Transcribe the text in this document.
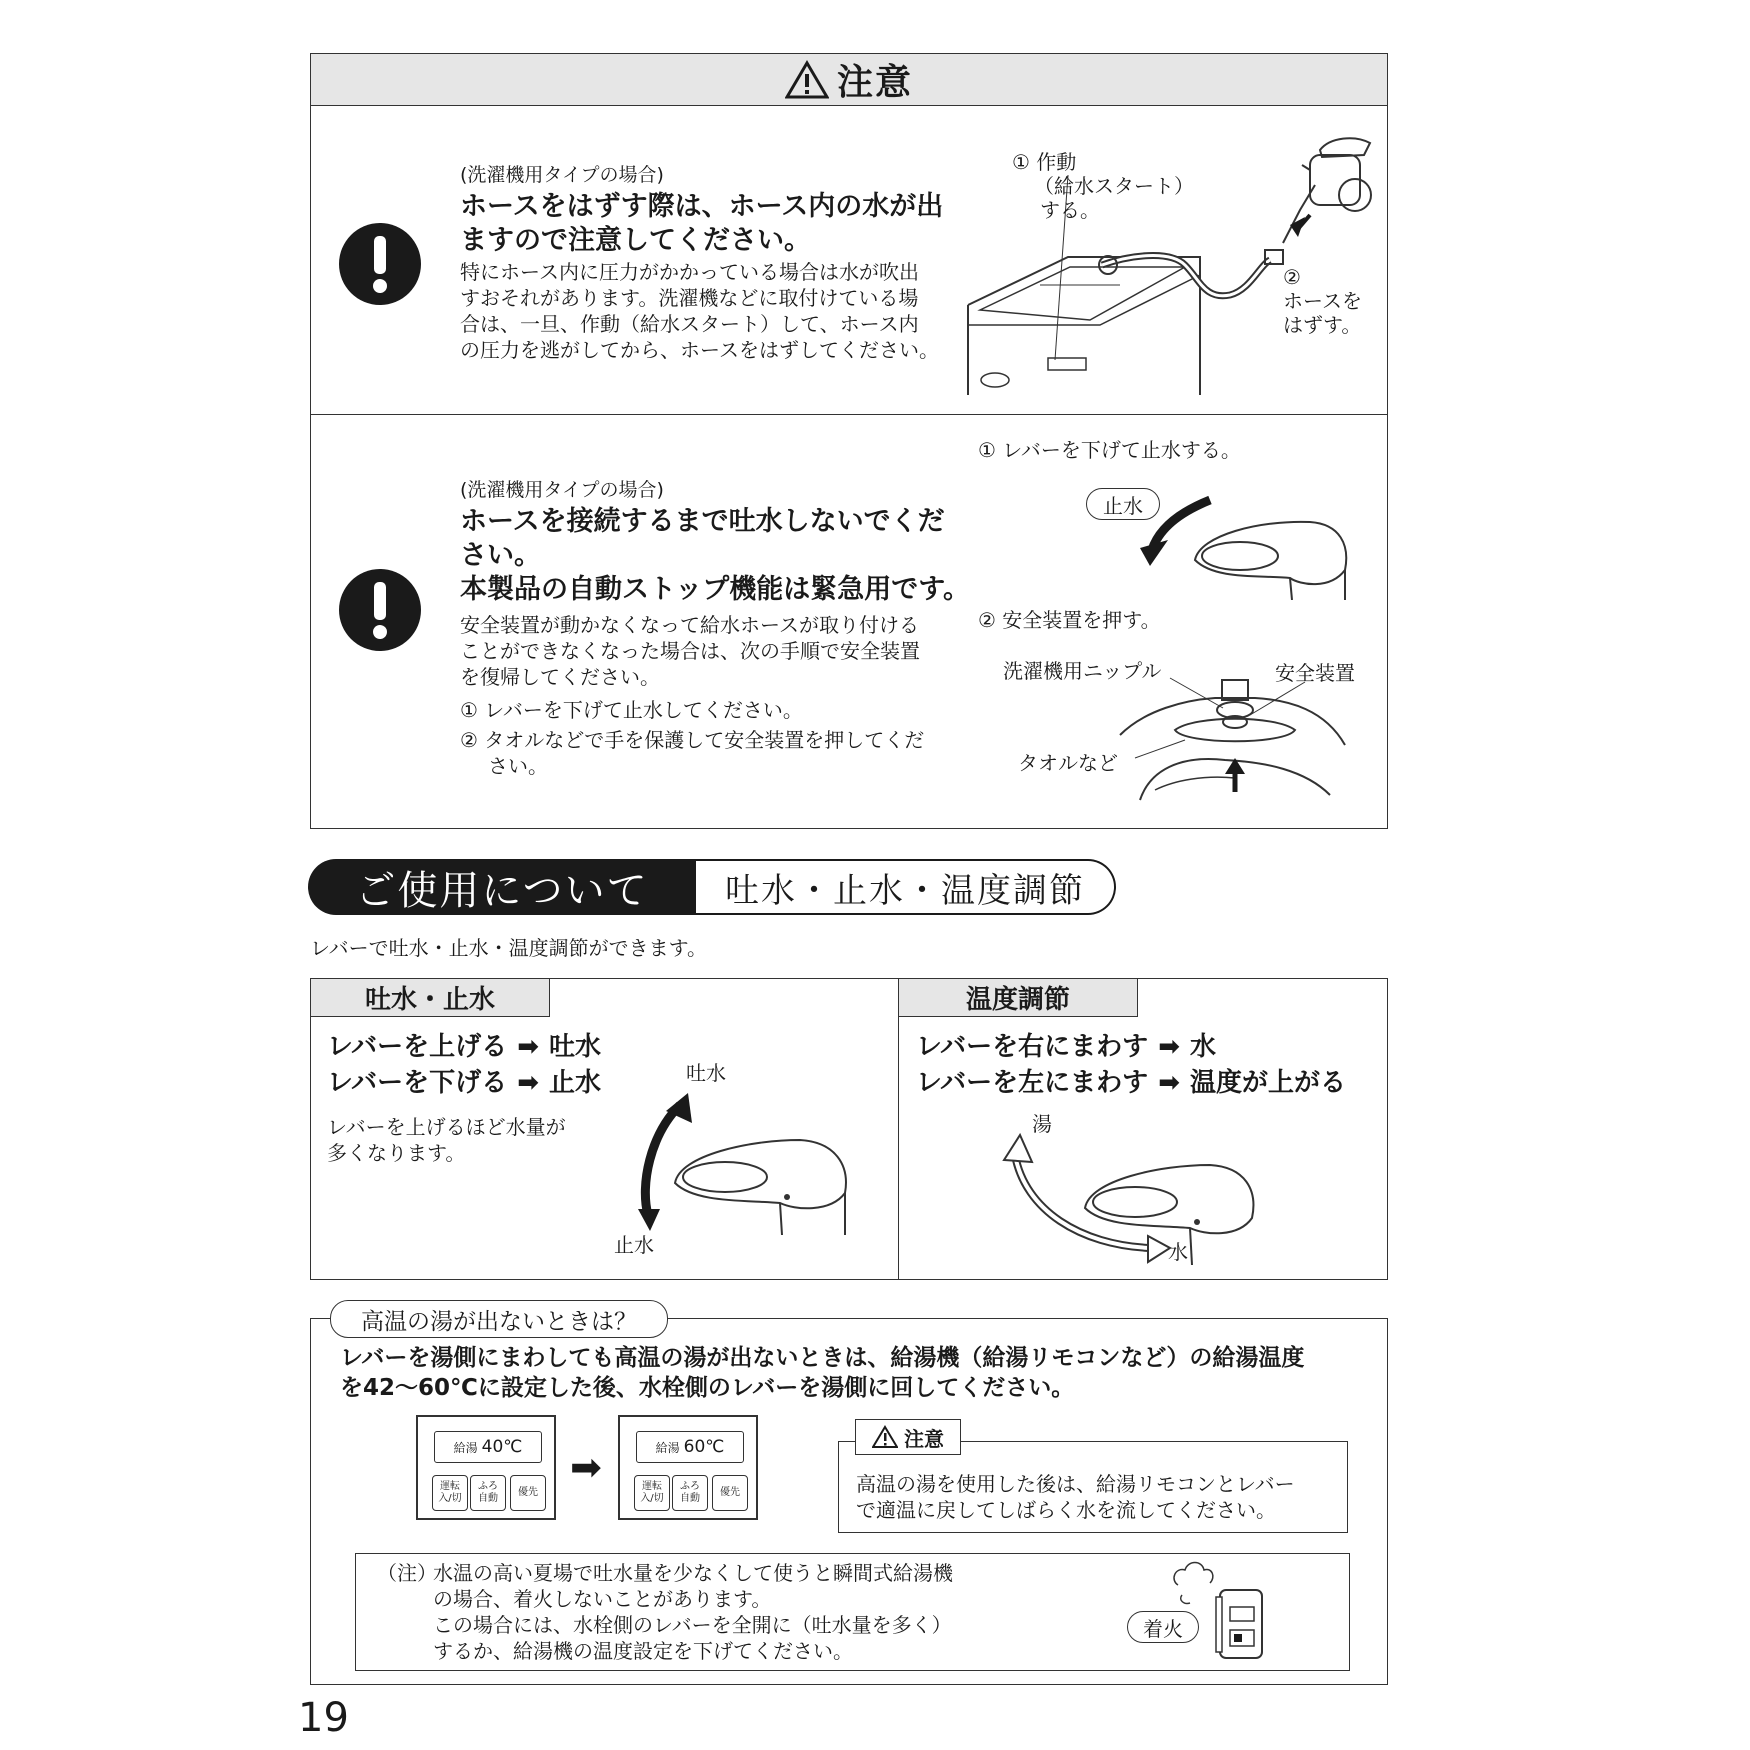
注意
(洗濯機用タイプの場合)
ホースをはずす際は、ホース内の水が出
ますので注意してください。
特にホース内に圧力がかかっている場合は水が吹出
すおそれがあります。洗濯機などに取付けている場
合は、一旦、作動（給水スタート）して、ホース内
の圧力を逃がしてから、ホースをはずしてください。
① 作動
（給水スタート）
する。
②
ホースを
はずす。
(洗濯機用タイプの場合)
ホースを接続するまで吐水しないでくだ
さい。
本製品の自動ストップ機能は緊急用です。
安全装置が動かなくなって給水ホースが取り付ける
ことができなくなった場合は、次の手順で安全装置
を復帰してください。
① レバーを下げて止水してください。
② タオルなどで手を保護して安全装置を押してくだ
さい。
① レバーを下げて止水する。
止水
② 安全装置を押す。
洗濯機用ニップル	安全装置
タオルなど
ご使用について	吐水・止水・温度調節
レバーで吐水・止水・温度調節ができます。
吐水・止水	温度調節
レバーを上げる ➡ 吐水
レバーを下げる ➡ 止水
レバーを上げるほど水量が
多くなります。
吐水
止水
レバーを右にまわす ➡ 水
レバーを左にまわす ➡ 温度が上がる
湯
水
高温の湯が出ないときは？
レバーを湯側にまわしても高温の湯が出ないときは、給湯機（給湯リモコンなど）の給湯温度
を42～60℃に設定した後、水栓側のレバーを湯側に回してください。
給湯 40℃
運転
入/切
ふろ
自動
優先
➡	給湯 60℃
運転
入/切
ふろ
自動
優先
注意
高温の湯を使用した後は、給湯リモコンとレバー
で適温に戻してしばらく水を流してください。
（注）
水温の高い夏場で吐水量を少なくして使うと瞬間式給湯機
の場合、着火しないことがあります。
この場合には、水栓側のレバーを全開に（吐水量を多く）
するか、給湯機の温度設定を下げてください。
着火
19
